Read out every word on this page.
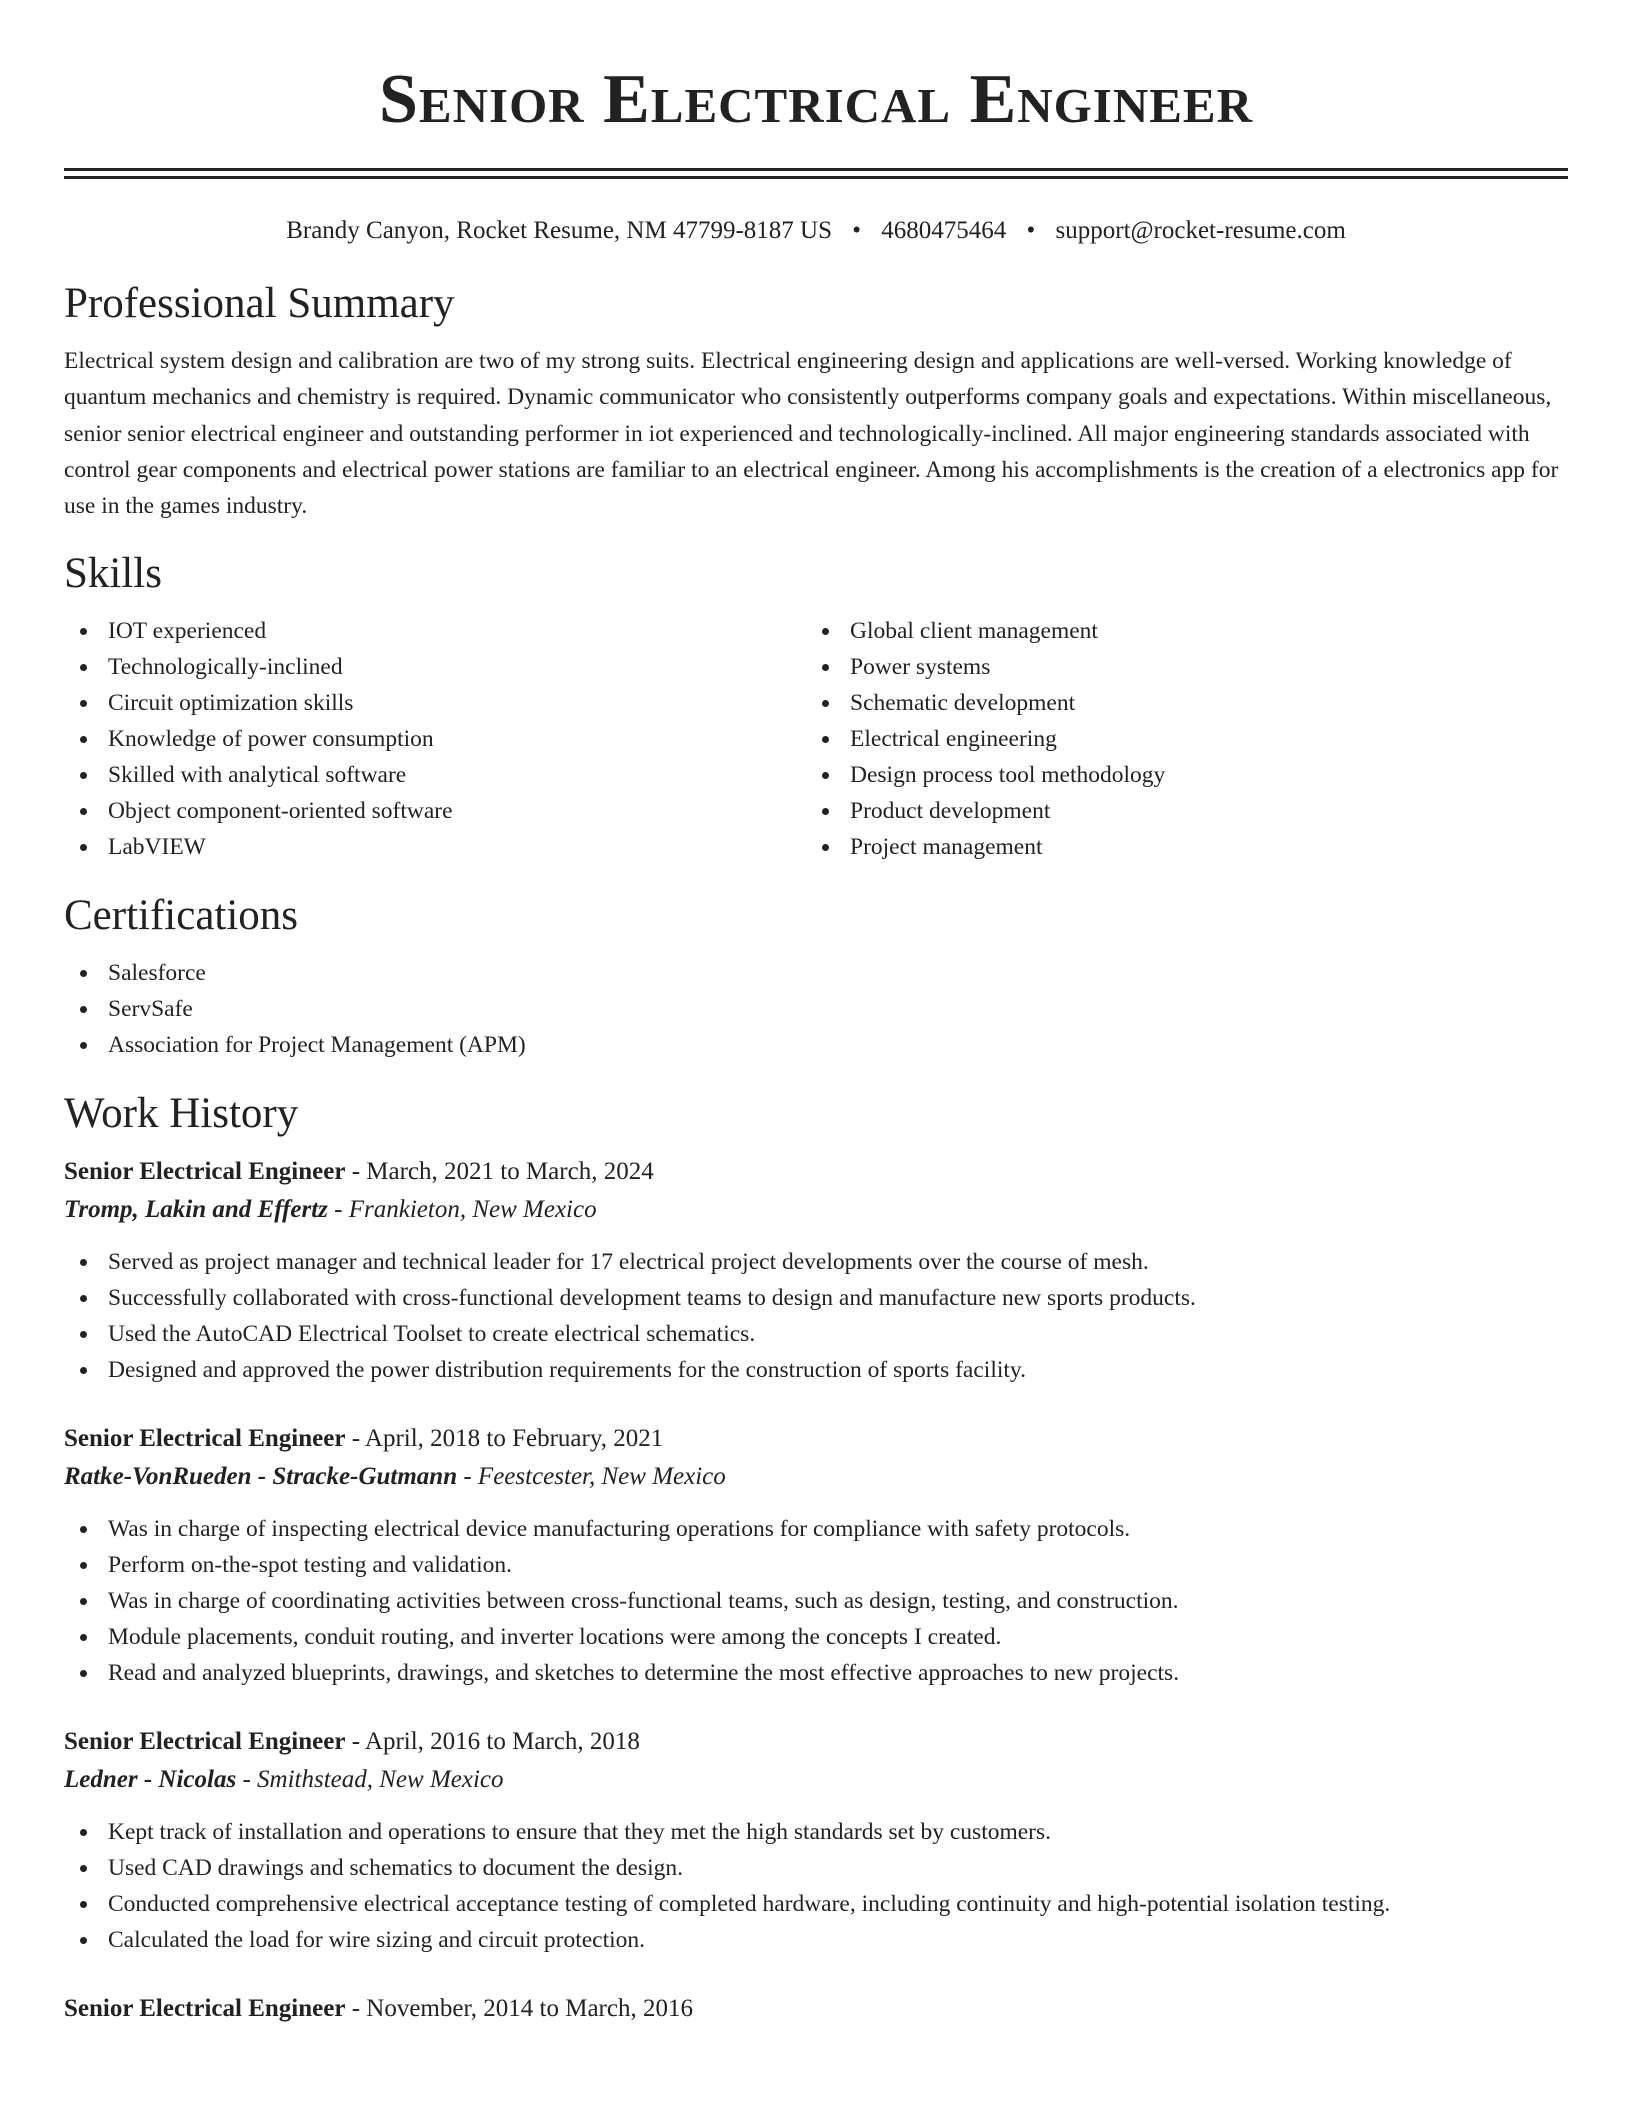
Senior Electrical Engineer
Brandy Canyon, Rocket Resume, NM 47799-8187 US • 4680475464 • support@rocket-resume.com
Professional Summary

Electrical system design and calibration are two of my strong suits. Electrical engineering design and applications are well-versed. Working knowledge of quantum mechanics and chemistry is required. Dynamic communicator who consistently outperforms company goals and expectations. Within miscellaneous, senior senior electrical engineer and outstanding performer in iot experienced and technologically-inclined. All major engineering standards associated with control gear components and electrical power stations are familiar to an electrical engineer. Among his accomplishments is the creation of a electronics app for use in the games industry.

Skills
IOT experienced
Technologically-inclined
Circuit optimization skills
Knowledge of power consumption
Skilled with analytical software
Object component-oriented software
LabVIEW
Global client management
Power systems
Schematic development
Electrical engineering
Design process tool methodology
Product development
Project management
Certifications
Salesforce
ServSafe
Association for Project Management (APM)
Work History
Senior Electrical Engineer - March, 2021 to March, 2024
Tromp, Lakin and Effertz - Frankieton, New Mexico
Served as project manager and technical leader for 17 electrical project developments over the course of mesh.
Successfully collaborated with cross-functional development teams to design and manufacture new sports products.
Used the AutoCAD Electrical Toolset to create electrical schematics.
Designed and approved the power distribution requirements for the construction of sports facility.
Senior Electrical Engineer - April, 2018 to February, 2021
Ratke-VonRueden - Stracke-Gutmann - Feestcester, New Mexico
Was in charge of inspecting electrical device manufacturing operations for compliance with safety protocols.
Perform on-the-spot testing and validation.
Was in charge of coordinating activities between cross-functional teams, such as design, testing, and construction.
Module placements, conduit routing, and inverter locations were among the concepts I created.
Read and analyzed blueprints, drawings, and sketches to determine the most effective approaches to new projects.
Senior Electrical Engineer - April, 2016 to March, 2018
Ledner - Nicolas - Smithstead, New Mexico
Kept track of installation and operations to ensure that they met the high standards set by customers.
Used CAD drawings and schematics to document the design.
Conducted comprehensive electrical acceptance testing of completed hardware, including continuity and high-potential isolation testing.
Calculated the load for wire sizing and circuit protection.
Senior Electrical Engineer - November, 2014 to March, 2016
